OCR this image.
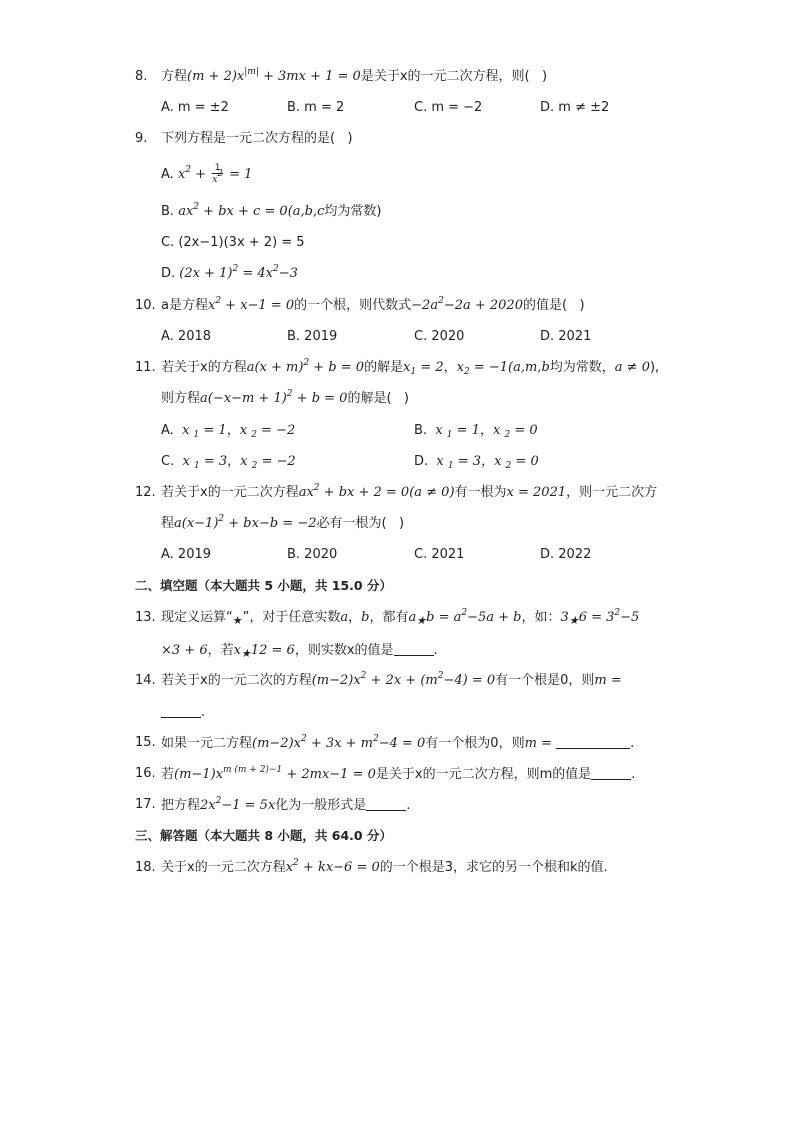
8. 方程$(m + 2)x^{|m|} + 3mx + 1 = 0$是关于x的一元二次方程，则(   )
A. m = ±2	B. m = 2	C. m = −2	D. m ≠ ±2
9. 下列方程是一元二次方程的是(   )
A. $x^2 + \frac{1}{x^2} = 1$
B. $ax^2$ + bx + c = 0(a,b,c均为常数)
C. (2x−1)(3x + 2) = 5
D. $(2x + 1)^2 = 4x^2-3$
10. a是方程$x^2 + x-1 = 0$的一个根，则代数式$-2a^2-2a + 2020$的值是(   )
A. 2018	B. 2019	C. 2020	D. 2021
11. 若关于x的方程$a(x + m)^2 + b = 0$的解是$x_1 = 2$，$x_2 = -1(a,m,b$均为常数，a ≠ 0),
则方程$a(-x-m + 1)^2 + b = 0$的解是(   )
A.  x $_1$ = 1，x $_2$ = −2	B.  x $_1$ = 1，x $_2$ = 0
C.  x $_1$ = 3，x $_2$ = −2	D.  x $_1$ = 3，x $_2$ = 0
12. 若关于x的一元二次方程$ax^2$ + bx + 2 = 0(a ≠ 0)有一根为x = 2021，则一元二次方
程$a(x-1)^2 + bx-b = -2$必有一根为(   )
A. 2019	B. 2020	C. 2021	D. 2022
二、填空题（本大题共 5 小题，共 15.0 分）
13. 现定义运算“$_★$”，对于任意实数a，b，都有$a_★b = a^2-5a + b$，如：$3_★6 = 3^2-5$
×3 + 6，若$x_★12 = 6$，则实数x的值是	.
14. 若关于x的一元二次的方程$(m-2)x^2 + 2x + (m^2-4) = 0$有一个根是0，则m =
.
15. 如果一元二方程$(m-2)x^2 + 3x + m^2-4 = 0$有一个根为0，则m =	.
16. 若$(m-1)x^{m (m + 2)-1} + 2mx-1 = 0$是关于x的一元二次方程，则m的值是	.
17. 把方程$2x^2-1 = 5x$化为一般形式是	.
三、解答题（本大题共 8 小题，共 64.0 分）
18. 关于x的一元二次方程$x^2 + kx-6 = 0$的一个根是3，求它的另一个根和k的值.
